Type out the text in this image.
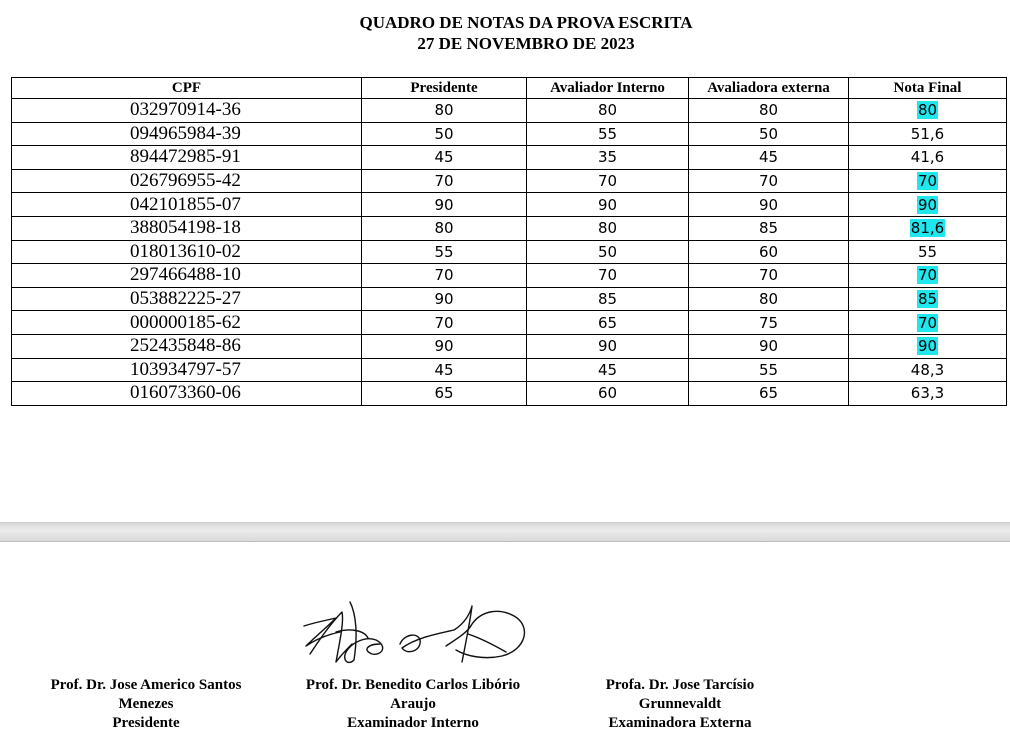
QUADRO DE NOTAS DA PROVA ESCRITA
27 DE NOVEMBRO DE 2023
CPF	Presidente	Avaliador Interno	Avaliadora externa	Nota Final
032970914-36	80	80	80	80
094965984-39	50	55	50	51,6
894472985-91	45	35	45	41,6
026796955-42	70	70	70	70
042101855-07	90	90	90	90
388054198-18	80	80	85	81,6
018013610-02	55	50	60	55
297466488-10	70	70	70	70
053882225-27	90	85	80	85
000000185-62	70	65	75	70
252435848-86	90	90	90	90
103934797-57	45	45	55	48,3
016073360-06	65	60	65	63,3
Prof. Dr. Jose Americo Santos
Menezes
Presidente
Prof. Dr. Benedito Carlos Libório
Araujo
Examinador Interno
Profa. Dr. Jose Tarcísio
Grunnevaldt
Examinadora Externa
